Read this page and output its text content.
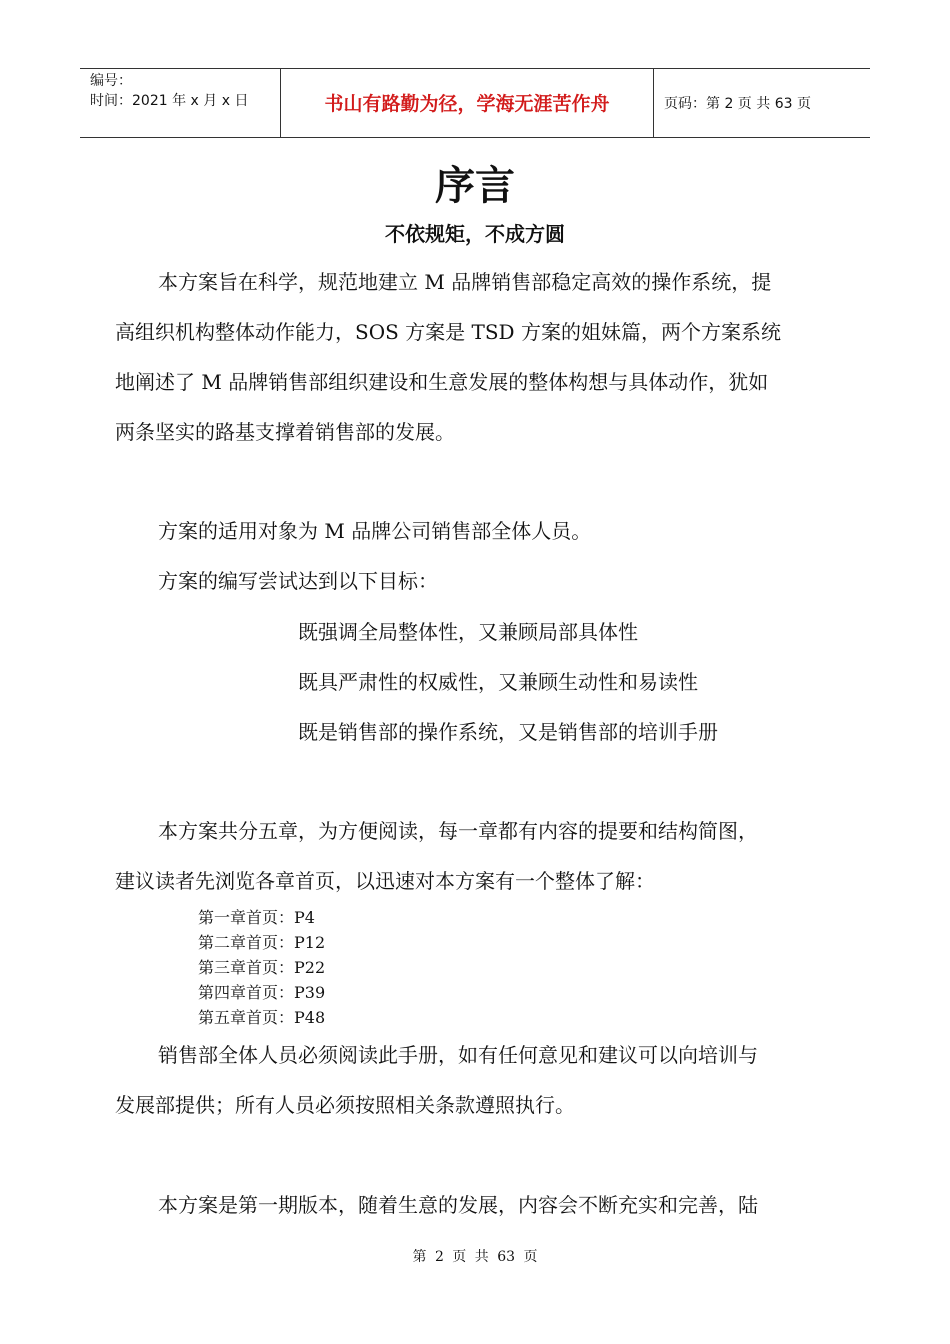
编号：
时间：2021 年 x 月 x 日	书山有路勤为径，学海无涯苦作舟	页码：第 2 页 共 63 页
序言
不依规矩，不成方圆
本方案旨在科学，规范地建立 M 品牌销售部稳定高效的操作系统，提
高组织机构整体动作能力，SOS 方案是 TSD 方案的姐妹篇，两个方案系统
地阐述了 M 品牌销售部组织建设和生意发展的整体构想与具体动作，犹如
两条坚实的路基支撑着销售部的发展。
方案的适用对象为 M 品牌公司销售部全体人员。
方案的编写尝试达到以下目标：
既强调全局整体性，又兼顾局部具体性
既具严肃性的权威性，又兼顾生动性和易读性
既是销售部的操作系统，又是销售部的培训手册
本方案共分五章，为方便阅读，每一章都有内容的提要和结构简图，
建议读者先浏览各章首页，以迅速对本方案有一个整体了解：
第一章首页：P4
第二章首页：P12
第三章首页：P22
第四章首页：P39
第五章首页：P48
销售部全体人员必须阅读此手册，如有任何意见和建议可以向培训与
发展部提供；所有人员必须按照相关条款遵照执行。
本方案是第一期版本，随着生意的发展，内容会不断充实和完善，陆
第 2 页 共 63 页
